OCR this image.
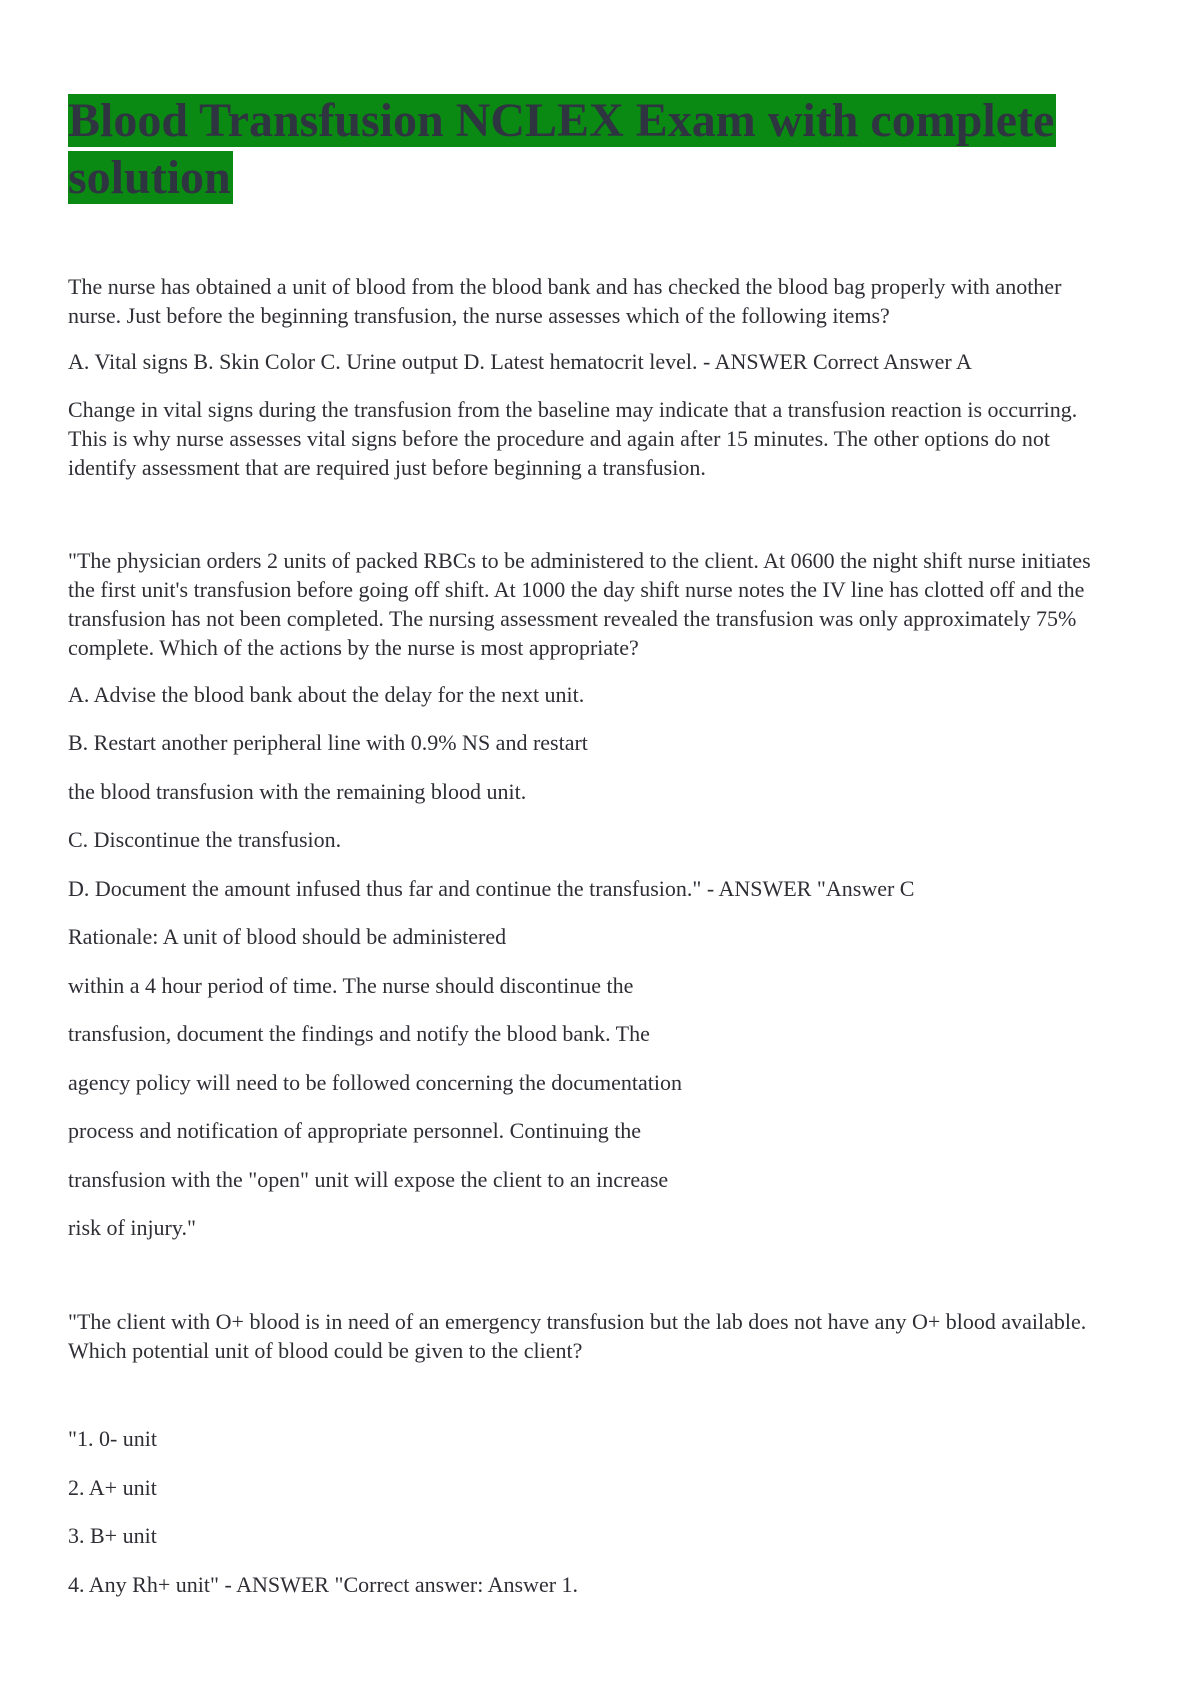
Blood Transfusion NCLEX Exam with complete
solution

The nurse has obtained a unit of blood from the blood bank and has checked the blood bag properly with another nurse. Just before the beginning transfusion, the nurse assesses which of the following items?

A. Vital signs B. Skin Color C. Urine output D. Latest hematocrit level. - ANSWER Correct Answer A

Change in vital signs during the transfusion from the baseline may indicate that a transfusion reaction is occurring. This is why nurse assesses vital signs before the procedure and again after 15 minutes. The other options do not identify assessment that are required just before beginning a transfusion.

"The physician orders 2 units of packed RBCs to be administered to the client. At 0600 the night shift nurse initiates the first unit's transfusion before going off shift. At 1000 the day shift nurse notes the IV line has clotted off and the transfusion has not been completed. The nursing assessment revealed the transfusion was only approximately 75% complete. Which of the actions by the nurse is most appropriate?

A. Advise the blood bank about the delay for the next unit.

B. Restart another peripheral line with 0.9% NS and restart

the blood transfusion with the remaining blood unit.

C. Discontinue the transfusion.

D. Document the amount infused thus far and continue the transfusion." - ANSWER "Answer C

Rationale: A unit of blood should be administered

within a 4 hour period of time. The nurse should discontinue the

transfusion, document the findings and notify the blood bank. The

agency policy will need to be followed concerning the documentation

process and notification of appropriate personnel. Continuing the

transfusion with the "open" unit will expose the client to an increase

risk of injury."

"The client with O+ blood is in need of an emergency transfusion but the lab does not have any O+ blood available. Which potential unit of blood could be given to the client?

"1. 0- unit

2. A+ unit

3. B+ unit

4. Any Rh+ unit" - ANSWER "Correct answer: Answer 1.
